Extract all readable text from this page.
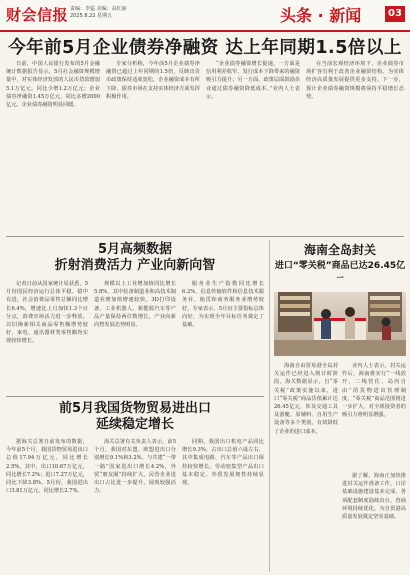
财会信报 责编：李猛 美编：高红丽
2025.8.22 星期五	头条 · 新闻	03
今年前5月企业债券净融资 达上年同期1.5倍以上

日前，中国人民银行发布的5月金融统计数据报告显示，5月社会融资规模增量中，对实体经济发放的人民币贷款增加5.1万亿元，同比少增1.2万亿元；企业债券净融资1.45万亿元，同比多增2000亿元。企业债券融资明显回暖。

专家分析称，今年前5月企业债券净融资已超过上年同期的1.5倍，反映出货币政策保持适度宽松，企业融资成本有所下降，债券市场在支持实体经济方面发挥积极作用。

“企业债券融资增长提速，一方面是信用利差收窄、发行成本下降带来的融资吸引力提升；另一方面，政策层面鼓励企业通过债券融资降低成本。”业内人士表示。

在当前宏观经济环境下，企业债券市场扩容有利于改善企业融资结构，为实体经济高质量发展提供更多支持。下一步，预计企业债券融资规模将保持平稳增长态势。

5月高频数据
折射消费活力 产业向新向智

记者日前从国家统计局获悉，5月份国民经济运行总体平稳、稳中有进。社会消费品零售总额同比增长6.4%，增速比上月加快1.3个百分点，消费市场活力进一步释放。以旧换新相关商品零售额增势较好，家电、通讯器材类零售额均实现较快增长。

规模以上工业增加值同比增长5.8%，其中装备制造业和高技术制造业增加值增速较快。3D打印设备、工业机器人、新能源汽车等产品产量保持两位数增长，产业向新向智发展态势明显。

服务业生产指数同比增长6.2%，信息传输软件和信息技术服务业、租赁和商务服务业增势较好。专家表示，5月份主要指标总体向好，为实现全年目标任务奠定了基础。

前5月我国货物贸易进出口
延续稳定增长

据海关总署日前发布的数据，今年前5个月，我国货物贸易进出口总值17.94万亿元，同比增长2.5%。其中，出口10.67万亿元，同比增长7.2%；进口7.27万亿元，同比下降3.8%。5月份，我国进出口3.81万亿元，同比增长2.7%。

海关总署有关负责人表示，前5个月，我国对东盟、欧盟进出口分别增长9.1%和3.2%，与共建“一带一路”国家进出口增长4.2%，外贸“朋友圈”持续扩大。民营企业进出口占比进一步提升，展现较强活力。

同期，我国出口机电产品同比增长9.3%，占出口总值六成左右，其中集成电路、汽车等产品出口保持较快增长。劳动密集型产品出口基本稳定。外贸发展韧性持续显现。

海南全岛封关
进口“零关税”商品已达26.45亿

海南自由贸易港全岛封关运作已经进入倒计时阶段。海关数据显示，自“零关税”政策实施以来，进口“零关税”商品货值累计达26.45亿元，涉及交通工具及游艇、原辅料、自用生产设备等多个类别，有效降低了企业的进口成本。

业内人士表示，封关运作后，海南将实行“一线放开、二线管住、岛内自由”的货物进出管理制度，“零关税”商品范围将进一步扩大，对全球投资者的吸引力将明显增强。

据了解，海南正加快推进封关运作准备工作，口岸基础设施建设基本完成，各项配套制度陆续出台，营商环境持续优化，为自贸港高质量发展奠定坚实基础。
